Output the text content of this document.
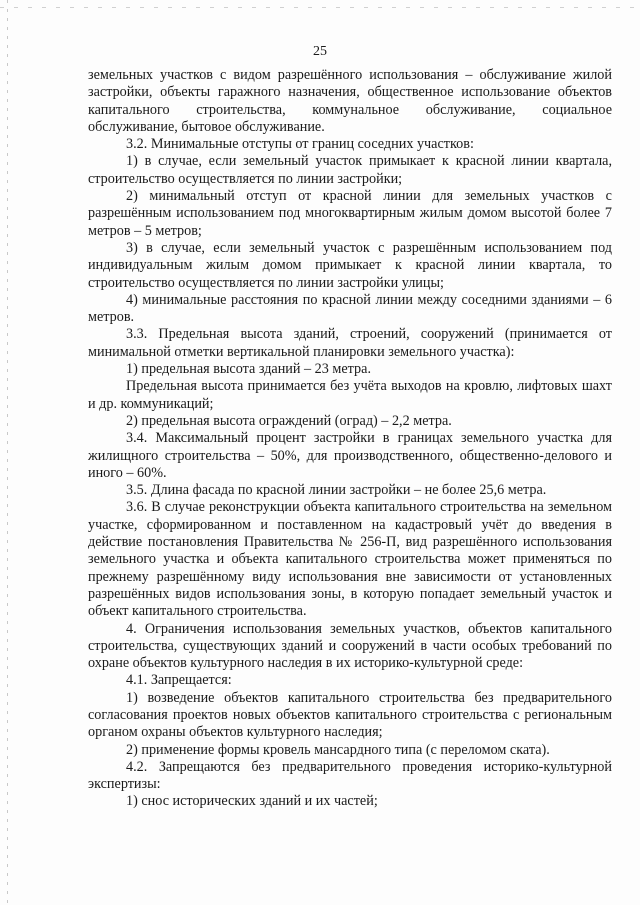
25

земельных участков с видом разрешённого использования – обслуживание жилой застройки, объекты гаражного назначения, общественное использование объектов капитального строительства, коммунальное обслуживание, социальное обслуживание, бытовое обслуживание.

3.2. Минимальные отступы от границ соседних участков:

1) в случае, если земельный участок примыкает к красной линии квартала, строительство осуществляется по линии застройки;

2) минимальный отступ от красной линии для земельных участков с разрешённым использованием под многоквартирным жилым домом высотой более 7 метров – 5 метров;

3) в случае, если земельный участок с разрешённым использованием под индивидуальным жилым домом примыкает к красной линии квартала, то строительство осуществляется по линии застройки улицы;

4) минимальные расстояния по красной линии между соседними зданиями – 6 метров.

3.3. Предельная высота зданий, строений, сооружений (принимается от минимальной отметки вертикальной планировки земельного участка):

1) предельная высота зданий – 23 метра.

Предельная высота принимается без учёта выходов на кровлю, лифтовых шахт и др. коммуникаций;

2) предельная высота ограждений (оград) – 2,2 метра.

3.4. Максимальный процент застройки в границах земельного участка для жилищного строительства – 50%, для производственного, общественно-делового и иного – 60%.

3.5. Длина фасада по красной линии застройки – не более 25,6 метра.

3.6. В случае реконструкции объекта капитального строительства на земельном участке, сформированном и поставленном на кадастровый учёт до введения в действие постановления Правительства № 256-П, вид разрешённого использования земельного участка и объекта капитального строительства может применяться по прежнему разрешённому виду использования вне зависимости от установленных разрешённых видов использования зоны, в которую попадает земельный участок и объект капитального строительства.

4. Ограничения использования земельных участков, объектов капитального строительства, существующих зданий и сооружений в части особых требований по охране объектов культурного наследия в их историко-культурной среде:

4.1. Запрещается:

1) возведение объектов капитального строительства без предварительного согласования проектов новых объектов капитального строительства с региональным органом охраны объектов культурного наследия;

2) применение формы кровель мансардного типа (с переломом ската).

4.2. Запрещаются без предварительного проведения историко-культурной экспертизы:

1) снос исторических зданий и их частей;
